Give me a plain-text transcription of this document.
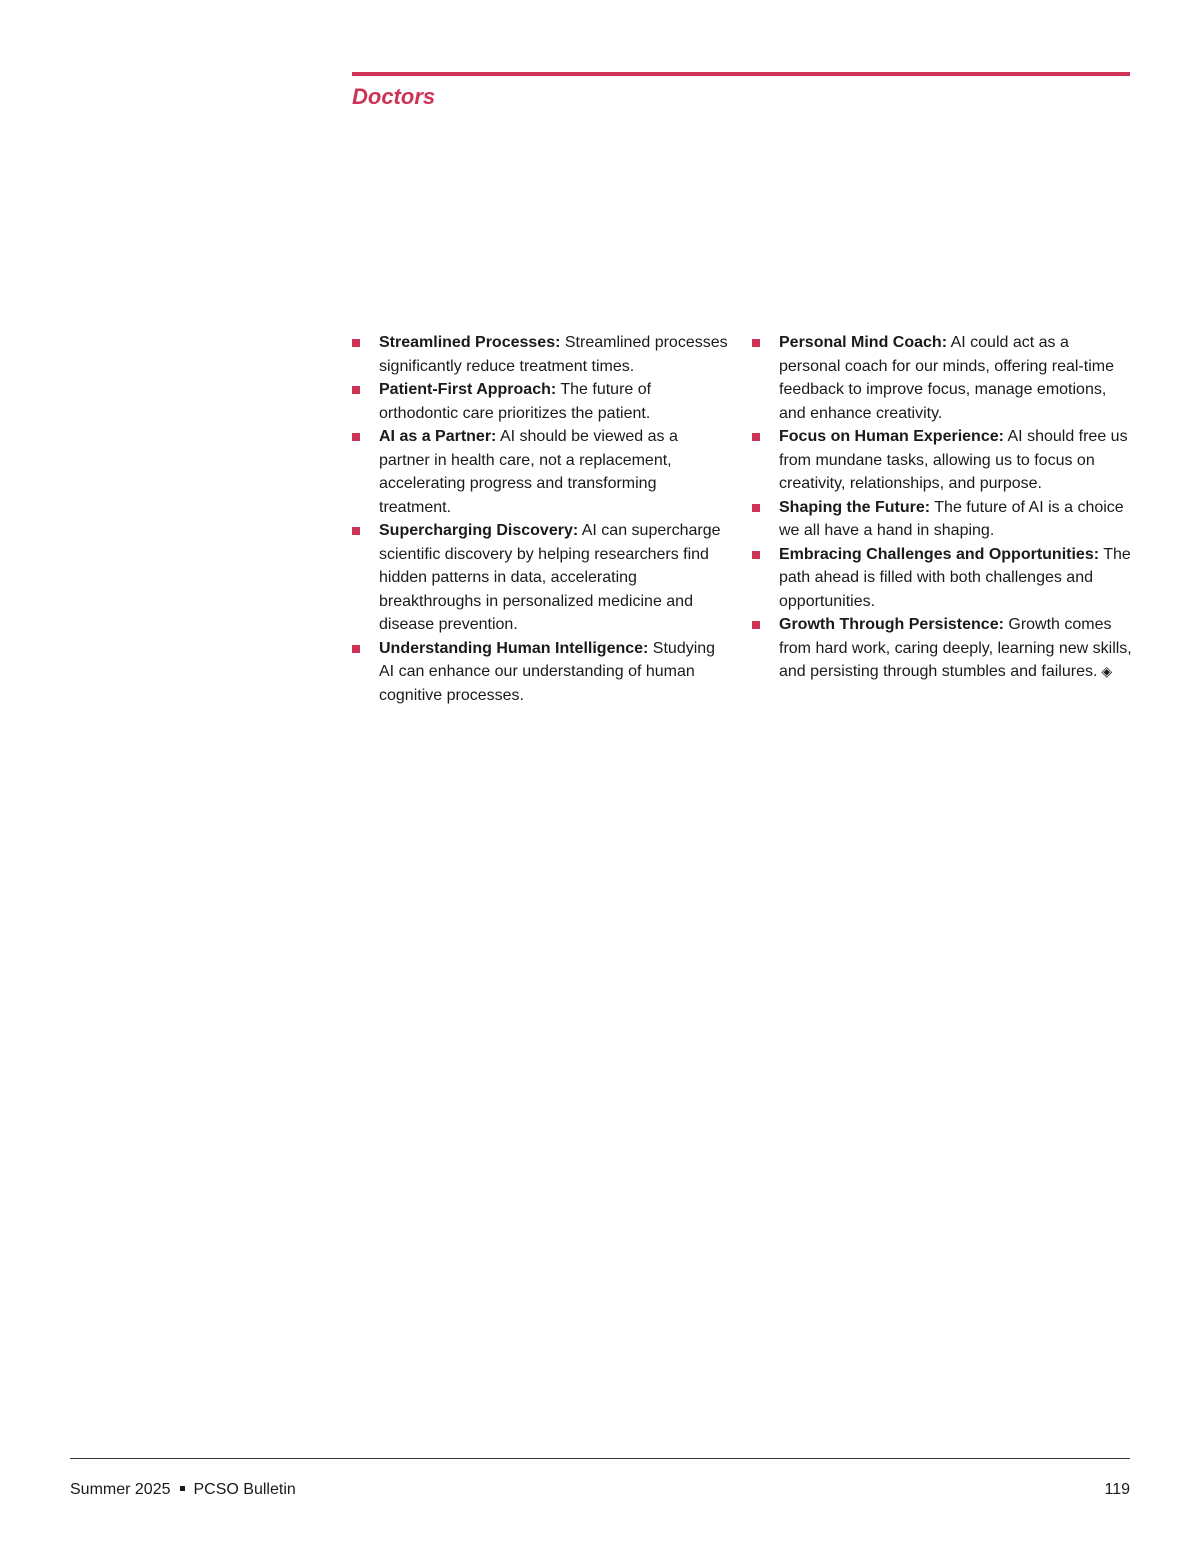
Doctors
Streamlined Processes: Streamlined processes significantly reduce treatment times.
Patient-First Approach: The future of orthodontic care prioritizes the patient.
AI as a Partner: AI should be viewed as a partner in health care, not a replacement, accelerating progress and transforming treatment.
Supercharging Discovery: AI can supercharge scientific discovery by helping researchers find hidden patterns in data, accelerating breakthroughs in personalized medicine and disease prevention.
Understanding Human Intelligence: Studying AI can enhance our understanding of human cognitive processes.
Personal Mind Coach: AI could act as a personal coach for our minds, offering real-time feedback to improve focus, manage emotions, and enhance creativity.
Focus on Human Experience: AI should free us from mundane tasks, allowing us to focus on creativity, relationships, and purpose.
Shaping the Future: The future of AI is a choice we all have a hand in shaping.
Embracing Challenges and Opportunities: The path ahead is filled with both challenges and opportunities.
Growth Through Persistence: Growth comes from hard work, caring deeply, learning new skills, and persisting through stumbles and failures. ◈
Summer 2025 PCSO Bulletin	119
